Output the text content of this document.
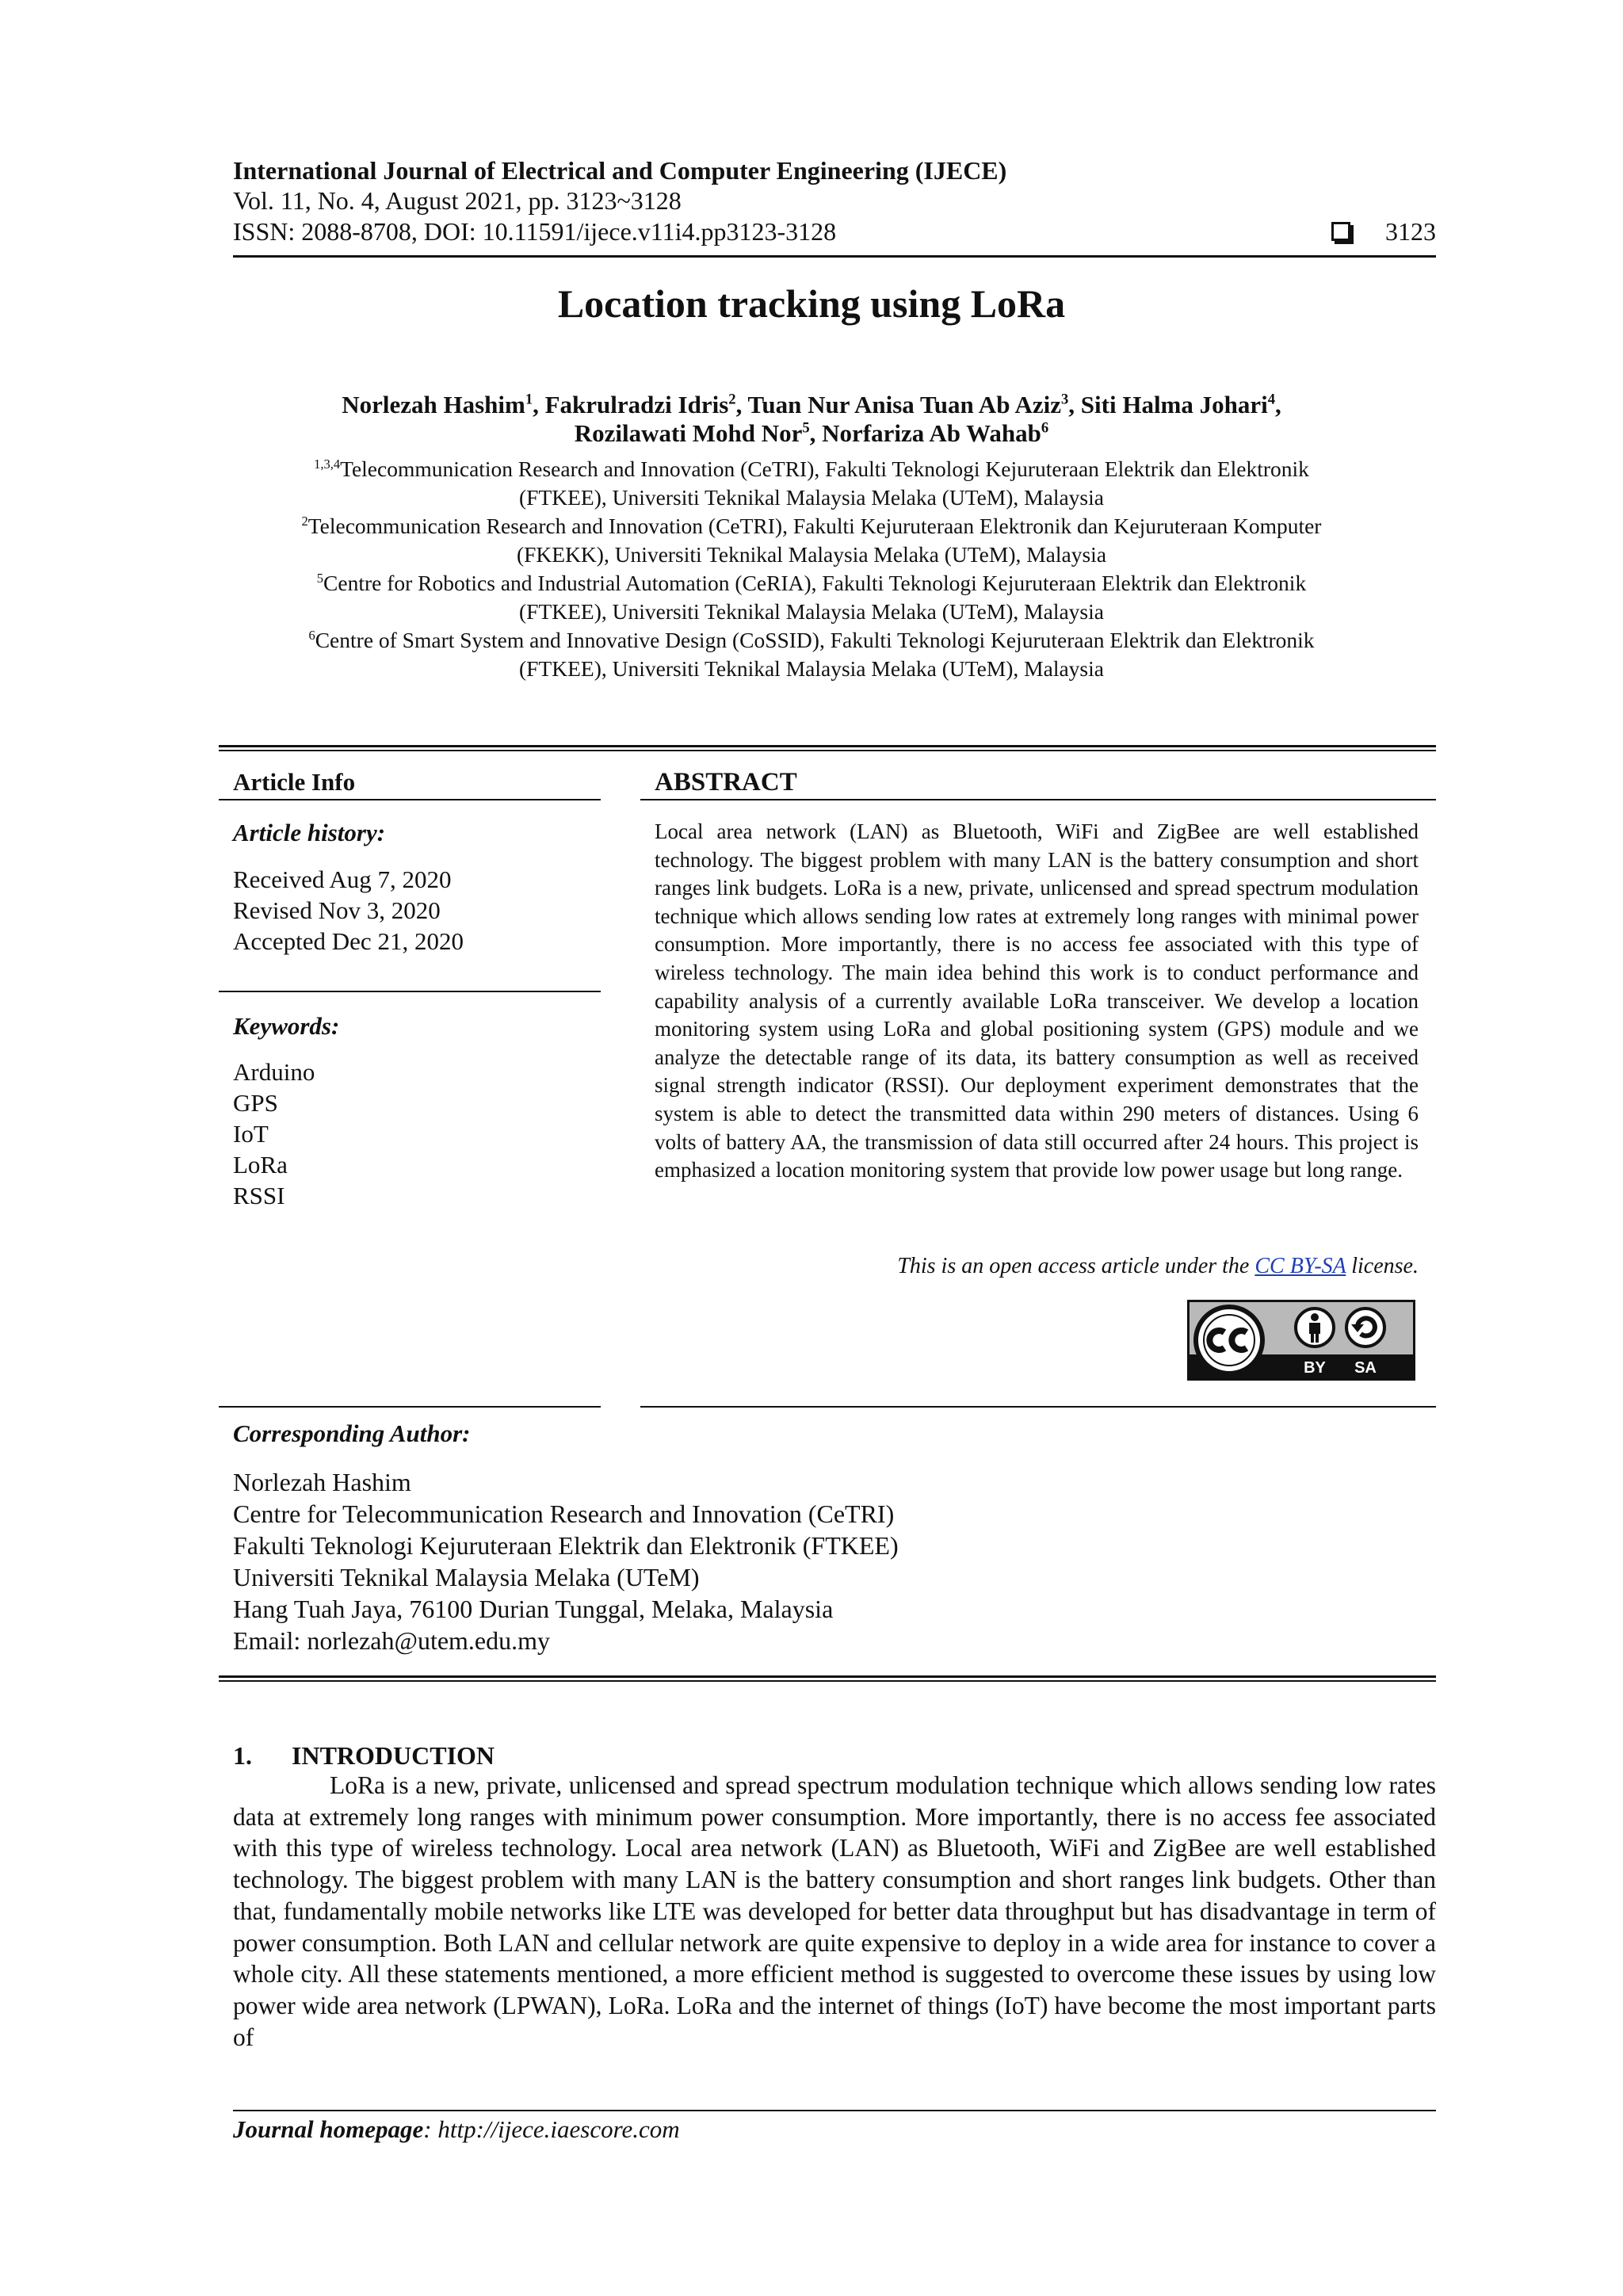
International Journal of Electrical and Computer Engineering (IJECE)
Vol. 11, No. 4, August 2021, pp. 3123~3128
ISSN: 2088-8708, DOI: 10.11591/ijece.v11i4.pp3123-3128	3123
Location tracking using LoRa
Norlezah Hashim$^1$, Fakrulradzi Idris$^2$, Tuan Nur Anisa Tuan Ab Aziz$^3$, Siti Halma Johari$^4$,
Rozilawati Mohd Nor$^5$, Norfariza Ab Wahab$^6$
$^{1,3,4}$Telecommunication Research and Innovation (CeTRI), Fakulti Teknologi Kejuruteraan Elektrik dan Elektronik
(FTKEE), Universiti Teknikal Malaysia Melaka (UTeM), Malaysia
$^2$Telecommunication Research and Innovation (CeTRI), Fakulti Kejuruteraan Elektronik dan Kejuruteraan Komputer
(FKEKK), Universiti Teknikal Malaysia Melaka (UTeM), Malaysia
$^5$Centre for Robotics and Industrial Automation (CeRIA), Fakulti Teknologi Kejuruteraan Elektrik dan Elektronik
(FTKEE), Universiti Teknikal Malaysia Melaka (UTeM), Malaysia
$^6$Centre of Smart System and Innovative Design (CoSSID), Fakulti Teknologi Kejuruteraan Elektrik dan Elektronik
(FTKEE), Universiti Teknikal Malaysia Melaka (UTeM), Malaysia
Article Info
Article history:
Received Aug 7, 2020
Revised Nov 3, 2020
Accepted Dec 21, 2020
Keywords:
Arduino
GPS
IoT
LoRa
RSSI
ABSTRACT
Local area network (LAN) as Bluetooth, WiFi and ZigBee are well established technology. The biggest problem with many LAN is the battery consumption and short ranges link budgets. LoRa is a new, private, unlicensed and spread spectrum modulation technique which allows sending low rates at extremely long ranges with minimal power consumption. More importantly, there is no access fee associated with this type of wireless technology. The main idea behind this work is to conduct performance and capability analysis of a currently available LoRa transceiver. We develop a location monitoring system using LoRa and global positioning system (GPS) module and we analyze the detectable range of its data, its battery consumption as well as received signal strength indicator (RSSI). Our deployment experiment demonstrates that the system is able to detect the transmitted data within 290 meters of distances. Using 6 volts of battery AA, the transmission of data still occurred after 24 hours. This project is emphasized a location monitoring system that provide low power usage but long range.
This is an open access article under the CC BY-SA license.
BY SA
Corresponding Author:
Norlezah Hashim
Centre for Telecommunication Research and Innovation (CeTRI)
Fakulti Teknologi Kejuruteraan Elektrik dan Elektronik (FTKEE)
Universiti Teknikal Malaysia Melaka (UTeM)
Hang Tuah Jaya, 76100 Durian Tunggal, Melaka, Malaysia
Email: norlezah@utem.edu.my
1. INTRODUCTION
LoRa is a new, private, unlicensed and spread spectrum modulation technique which allows sending low rates data at extremely long ranges with minimum power consumption. More importantly, there is no access fee associated with this type of wireless technology. Local area network (LAN) as Bluetooth, WiFi and ZigBee are well established technology. The biggest problem with many LAN is the battery consumption and short ranges link budgets. Other than that, fundamentally mobile networks like LTE was developed for better data throughput but has disadvantage in term of power consumption. Both LAN and cellular network are quite expensive to deploy in a wide area for instance to cover a whole city. All these statements mentioned, a more efficient method is suggested to overcome these issues by using low power wide area network (LPWAN), LoRa. LoRa and the internet of things (IoT) have become the most important parts of
Journal homepage: http://ijece.iaescore.com
